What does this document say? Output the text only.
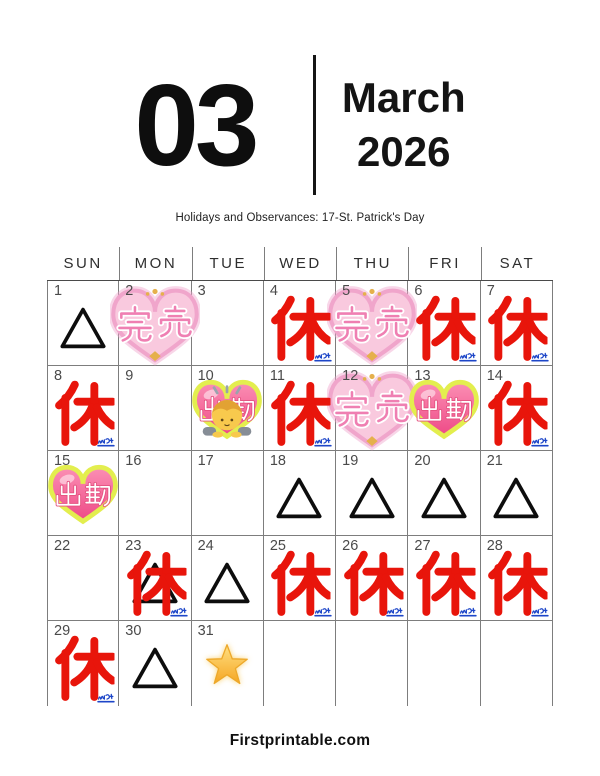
03 March
2026
Holidays and Observances: 17-St. Patrick's Day
SUN	MON	TUE	WED	THU	FRI	SAT
1	2	3	4	5	6	7
8	9	10	11	12	13	14
15	16	17	18	19	20	21
22	23	24	25	26	27	28
29	30	31
Firstprintable.com
